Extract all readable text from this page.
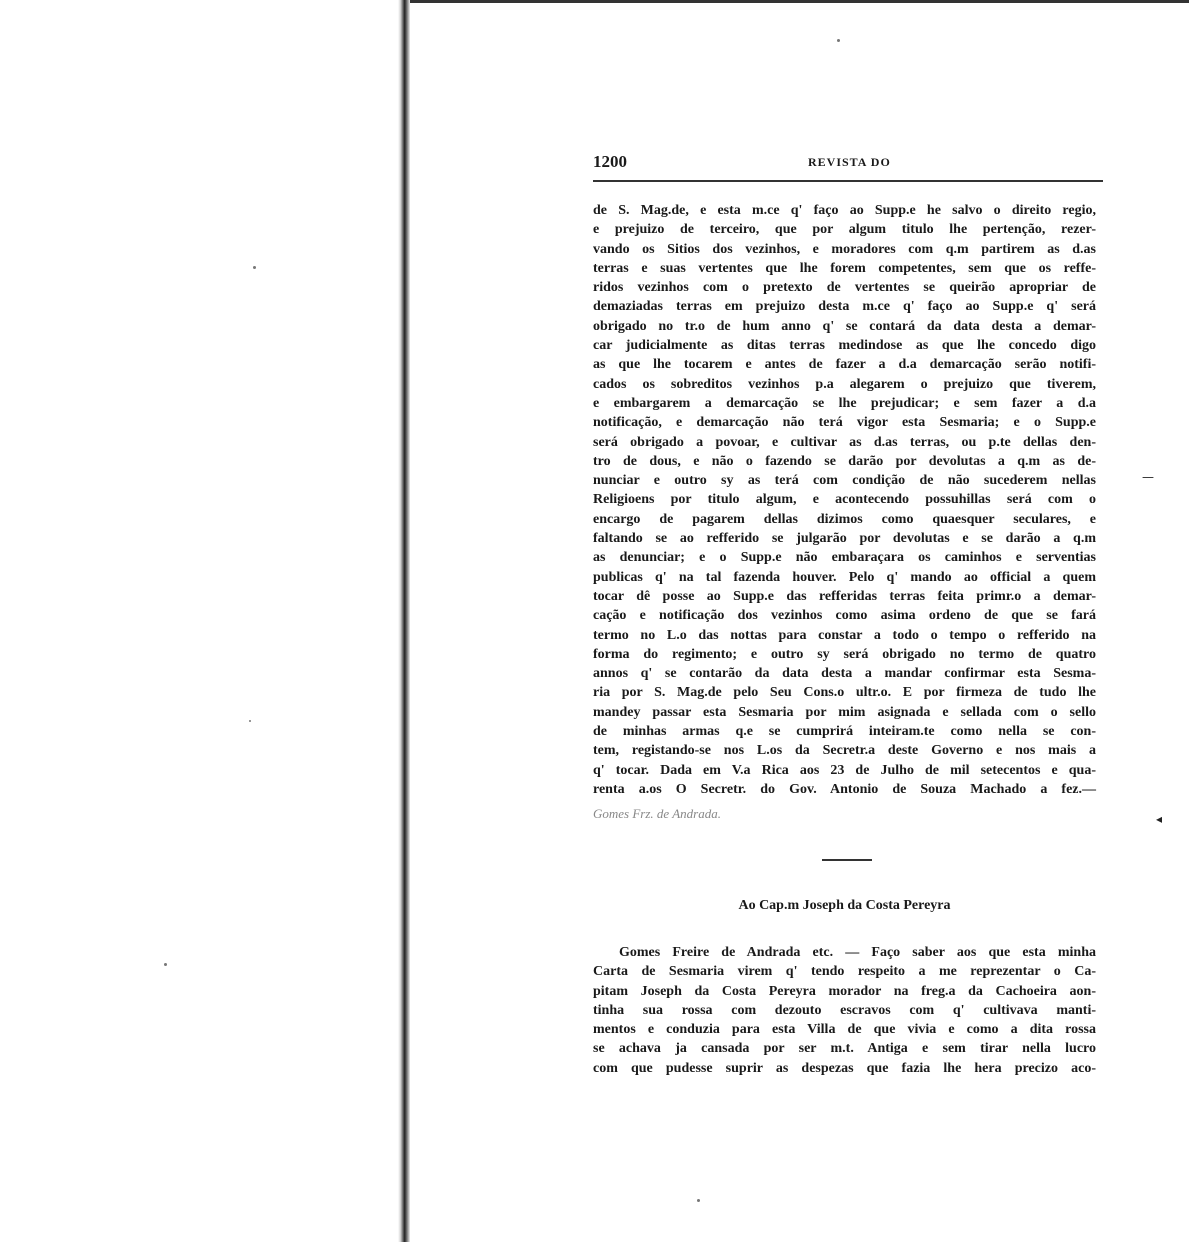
—
◂
1200	REVISTA DO
de S. Mag.de, e esta m.ce q' faço ao Supp.e he salvo o direito regio,
e prejuizo de terceiro, que por algum titulo lhe pertenção, rezer-
vando os Sitios dos vezinhos, e moradores com q.m partirem as d.as
terras e suas vertentes que lhe forem competentes, sem que os reffe-
ridos vezinhos com o pretexto de vertentes se queirão apropriar de
demaziadas terras em prejuizo desta m.ce q' faço ao Supp.e q' será
obrigado no tr.o de hum anno q' se contará da data desta a demar-
car judicialmente as ditas terras medindose as que lhe concedo digo
as que lhe tocarem e antes de fazer a d.a demarcação serão notifi-
cados os sobreditos vezinhos p.a alegarem o prejuizo que tiverem,
e embargarem a demarcação se lhe prejudicar; e sem fazer a d.a
notificação, e demarcação não terá vigor esta Sesmaria; e o Supp.e
será obrigado a povoar, e cultivar as d.as terras, ou p.te dellas den-
tro de dous, e não o fazendo se darão por devolutas a q.m as de-
nunciar e outro sy as terá com condição de não sucederem nellas
Religioens por titulo algum, e acontecendo possuhillas será com o
encargo de pagarem dellas dizimos como quaesquer seculares, e
faltando se ao refferido se julgarão por devolutas e se darão a q.m
as denunciar; e o Supp.e não embaraçara os caminhos e serventias
publicas q' na tal fazenda houver. Pelo q' mando ao official a quem
tocar dê posse ao Supp.e das refferidas terras feita primr.o a demar-
cação e notificação dos vezinhos como asima ordeno de que se fará
termo no L.o das nottas para constar a todo o tempo o refferido na
forma do regimento; e outro sy será obrigado no termo de quatro
annos q' se contarão da data desta a mandar confirmar esta Sesma-
ria por S. Mag.de pelo Seu Cons.o ultr.o. E por firmeza de tudo lhe
mandey passar esta Sesmaria por mim asignada e sellada com o sello
de minhas armas q.e se cumprirá inteiram.te como nella se con-
tem, registando-se nos L.os da Secretr.a deste Governo e nos mais a
q' tocar. Dada em V.a Rica aos 23 de Julho de mil setecentos e qua-
renta a.os O Secretr. do Gov. Antonio de Souza Machado a fez.—
Gomes Frz. de Andrada.
Ao Cap.m Joseph da Costa Pereyra
Gomes Freire de Andrada etc. — Faço saber aos que esta minha
Carta de Sesmaria virem q' tendo respeito a me reprezentar o Ca-
pitam Joseph da Costa Pereyra morador na freg.a da Cachoeira aon-
tinha sua rossa com dezouto escravos com q' cultivava manti-
mentos e conduzia para esta Villa de que vivia e como a dita rossa
se achava ja cansada por ser m.t. Antiga e sem tirar nella lucro
com que pudesse suprir as despezas que fazia lhe hera precizo aco-
